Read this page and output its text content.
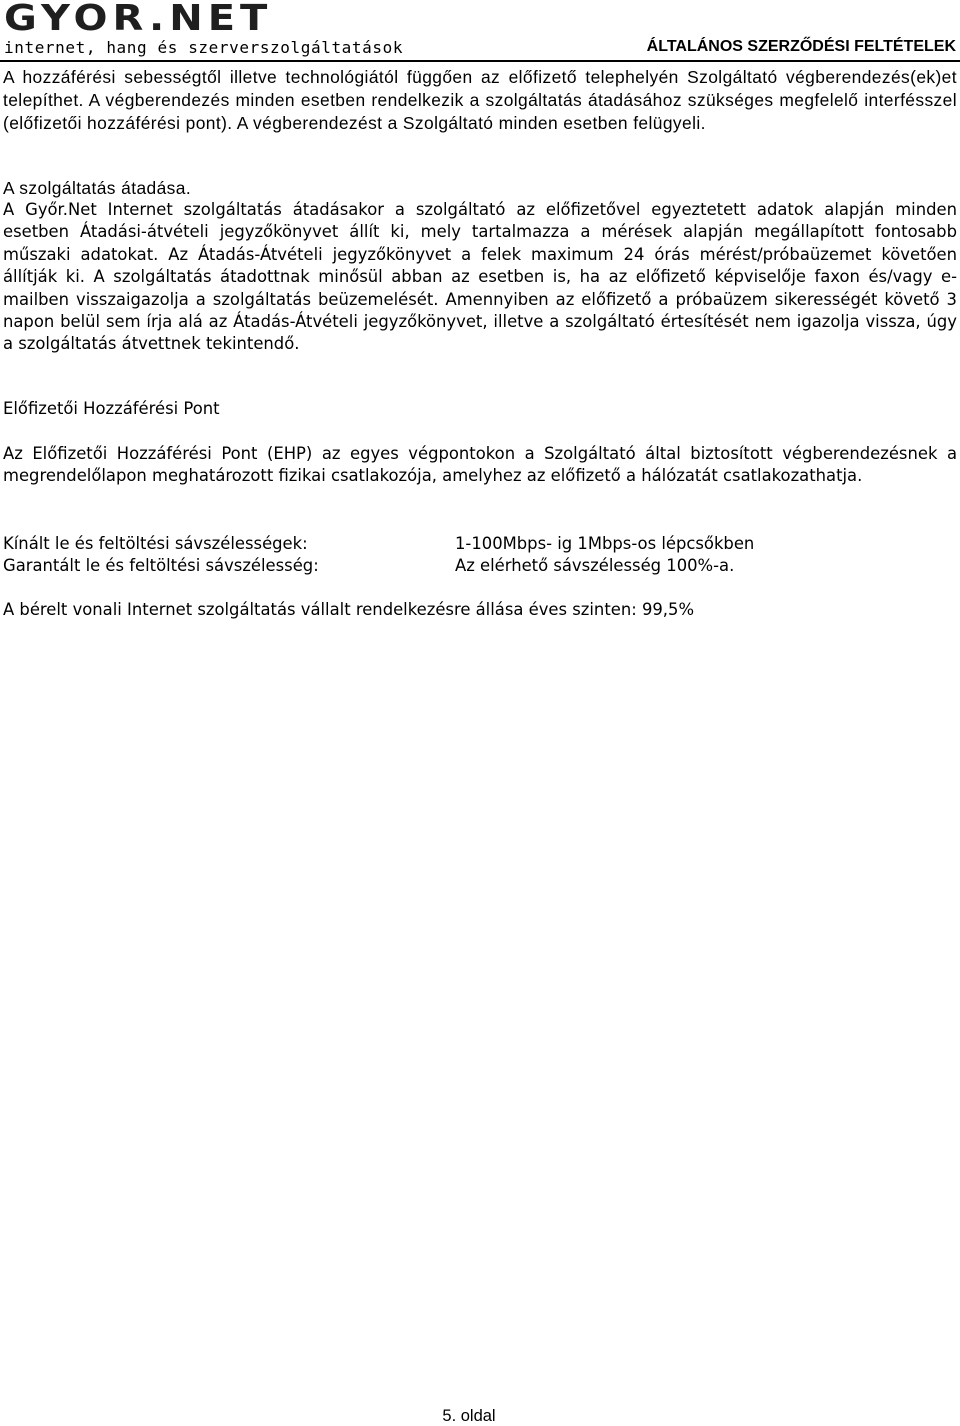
GYOR.NET
internet, hang és szerverszolgáltatások	ÁLTALÁNOS SZERZŐDÉSI FELTÉTELEK

A hozzáférési sebességtől illetve technológiától függően az előfizető telephelyén Szolgáltató végberendezés(ek)et telepíthet. A végberendezés minden esetben rendelkezik a szolgáltatás átadásához szükséges megfelelő interfésszel (előfizetői hozzáférési pont). A végberendezést a Szolgáltató minden esetben felügyeli.

A szolgáltatás átadása.

A Győr.Net Internet szolgáltatás átadásakor a szolgáltató az előfizetővel egyeztetett adatok alapján minden esetben Átadási-átvételi jegyzőkönyvet állít ki, mely tartalmazza a mérések alapján megállapított fontosabb műszaki adatokat. Az Átadás-Átvételi jegyzőkönyvet a felek maximum 24 órás mérést/próbaüzemet követően állítják ki. A szolgáltatás átadottnak minősül abban az esetben is, ha az előfizető képviselője faxon és/vagy e-mailben visszaigazolja a szolgáltatás beüzemelését. Amennyiben az előfizető a próbaüzem sikerességét követő 3 napon belül sem írja alá az Átadás-Átvételi jegyzőkönyvet, illetve a szolgáltató értesítését nem igazolja vissza, úgy a szolgáltatás átvettnek tekintendő.

Előfizetői Hozzáférési Pont

Az Előfizetői Hozzáférési Pont (EHP) az egyes végpontokon a Szolgáltató által biztosított végberendezésnek a megrendelőlapon meghatározott fizikai csatlakozója, amelyhez az előfizető a hálózatát csatlakozathatja.

Kínált le és feltöltési sávszélességek:	1-100Mbps- ig 1Mbps-os lépcsőkben
Garantált le és feltöltési sávszélesség:	Az elérhető sávszélesség 100%-a.

A bérelt vonali Internet szolgáltatás vállalt rendelkezésre állása éves szinten: 99,5%

5. oldal
